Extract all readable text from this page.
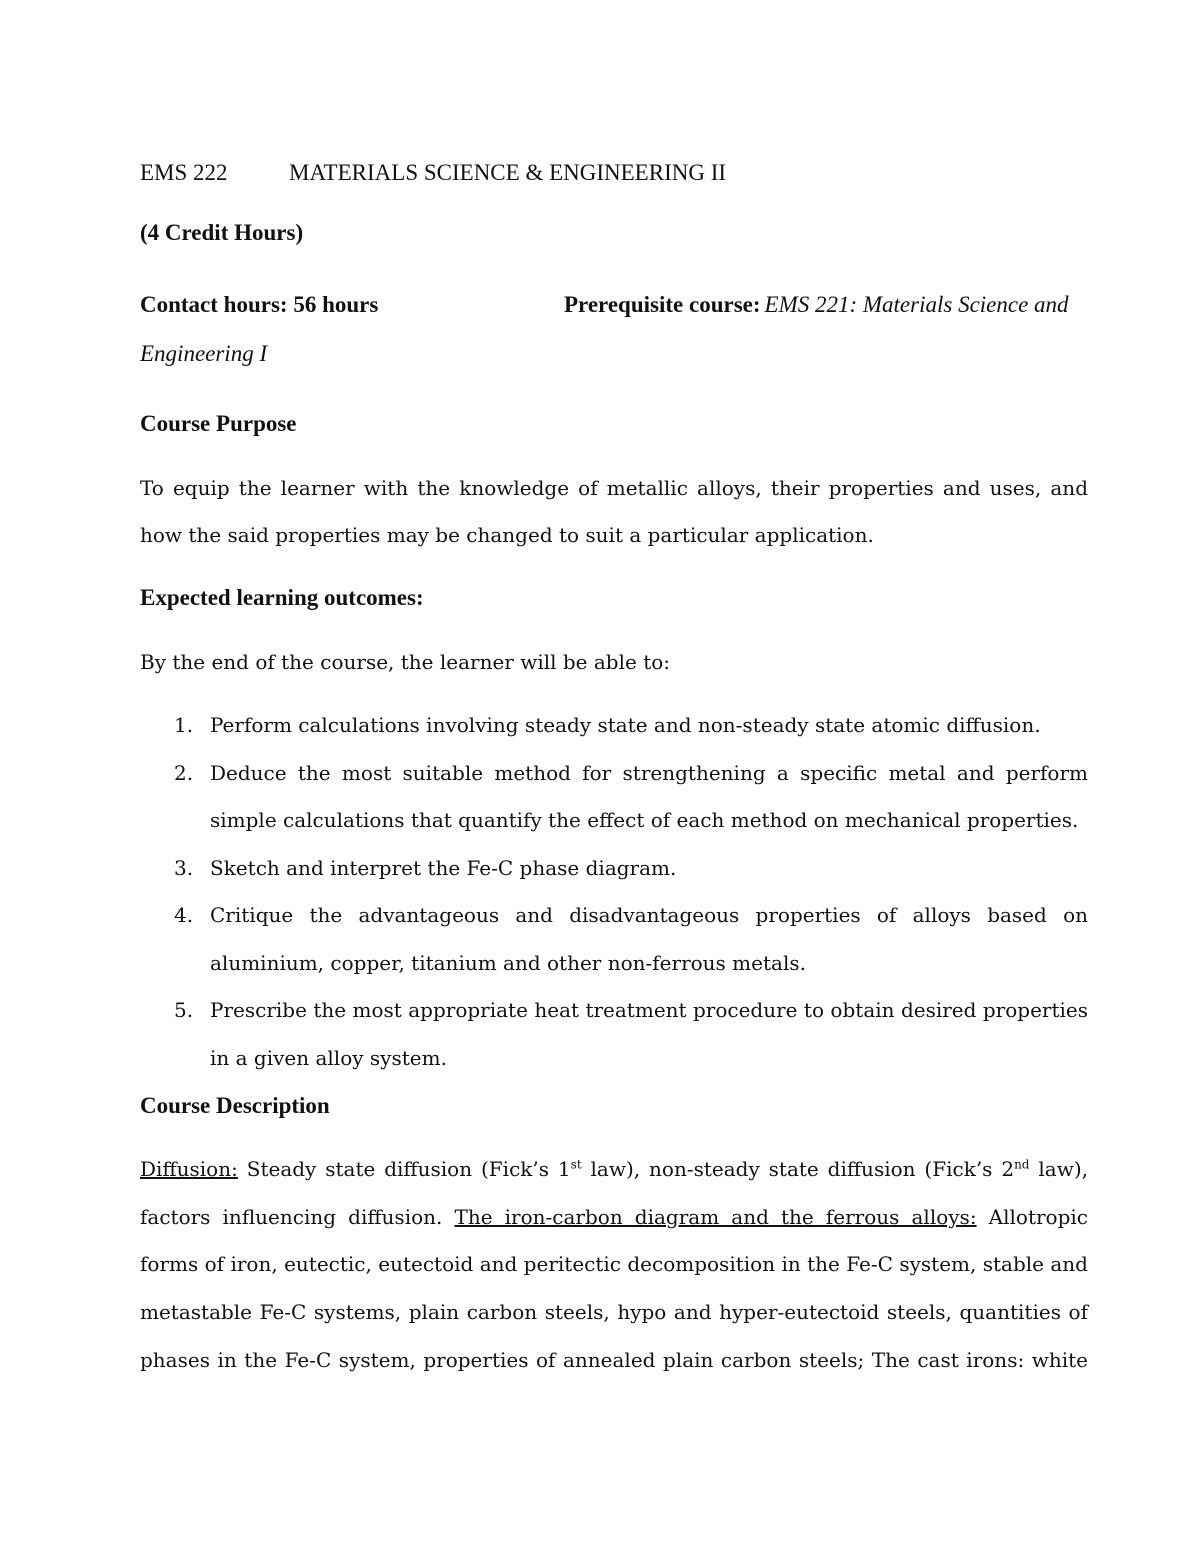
EMS 222	MATERIALS SCIENCE & ENGINEERING II
(4 Credit Hours)
Contact hours: 56 hours	Prerequisite course: EMS 221: Materials Science and
Engineering I
Course Purpose
To equip the learner with the knowledge of metallic alloys, their properties and uses, and
how the said properties may be changed to suit a particular application.
Expected learning outcomes:
By the end of the course, the learner will be able to:
1. Perform calculations involving steady state and non-steady state atomic diffusion.
2. Deduce the most suitable method for strengthening a specific metal and perform
simple calculations that quantify the effect of each method on mechanical properties.
3. Sketch and interpret the Fe-C phase diagram.
4. Critique the advantageous and disadvantageous properties of alloys based on
aluminium, copper, titanium and other non-ferrous metals.
5. Prescribe the most appropriate heat treatment procedure to obtain desired properties
in a given alloy system.
Course Description
Diffusion: Steady state diffusion (Fick’s 1st law), non-steady state diffusion (Fick’s 2nd law),
factors influencing diffusion. The iron-carbon diagram and the ferrous alloys: Allotropic
forms of iron, eutectic, eutectoid and peritectic decomposition in the Fe-C system, stable and
metastable Fe-C systems, plain carbon steels, hypo and hyper-eutectoid steels, quantities of
phases in the Fe-C system, properties of annealed plain carbon steels; The cast irons: white
